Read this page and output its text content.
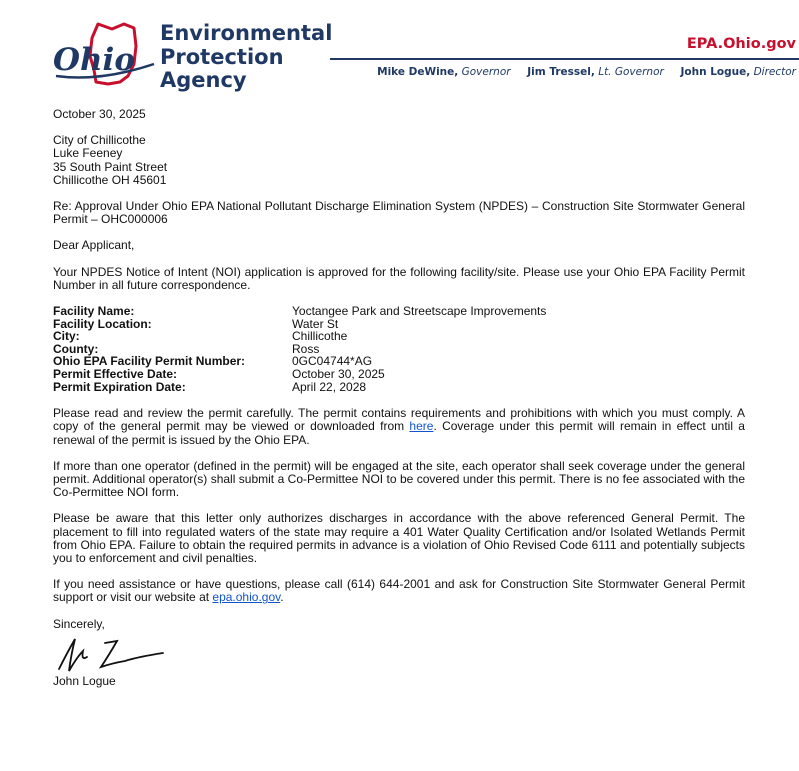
Ohio
Environmental
Protection
Agency
EPA.Ohio.gov
Mike DeWine, Governor Jim Tressel, Lt. Governor John Logue, Director

October 30, 2025

City of Chillicothe
Luke Feeney
35 South Paint Street
Chillicothe OH 45601

Re: Approval Under Ohio EPA National Pollutant Discharge Elimination System (NPDES) – Construction Site Stormwater General Permit – OHC000006

Dear Applicant,

Your NPDES Notice of Intent (NOI) application is approved for the following facility/site. Please use your Ohio EPA Facility Permit Number in all future correspondence.

Facility Name:	Yoctangee Park and Streetscape Improvements
Facility Location:	Water St
City:	Chillicothe
County:	Ross
Ohio EPA Facility Permit Number:	0GC04744*AG
Permit Effective Date:	October 30, 2025
Permit Expiration Date:	April 22, 2028

Please read and review the permit carefully. The permit contains requirements and prohibitions with which you must comply. A copy of the general permit may be viewed or downloaded from here. Coverage under this permit will remain in effect until a renewal of the permit is issued by the Ohio EPA.

If more than one operator (defined in the permit) will be engaged at the site, each operator shall seek coverage under the general permit. Additional operator(s) shall submit a Co-Permittee NOI to be covered under this permit. There is no fee associated with the Co-Permittee NOI form.

Please be aware that this letter only authorizes discharges in accordance with the above referenced General Permit. The placement to fill into regulated waters of the state may require a 401 Water Quality Certification and/or Isolated Wetlands Permit from Ohio EPA. Failure to obtain the required permits in advance is a violation of Ohio Revised Code 6111 and potentially subjects you to enforcement and civil penalties.

If you need assistance or have questions, please call (614) 644-2001 and ask for Construction Site Stormwater General Permit support or visit our website at epa.ohio.gov.

Sincerely,
John Logue
